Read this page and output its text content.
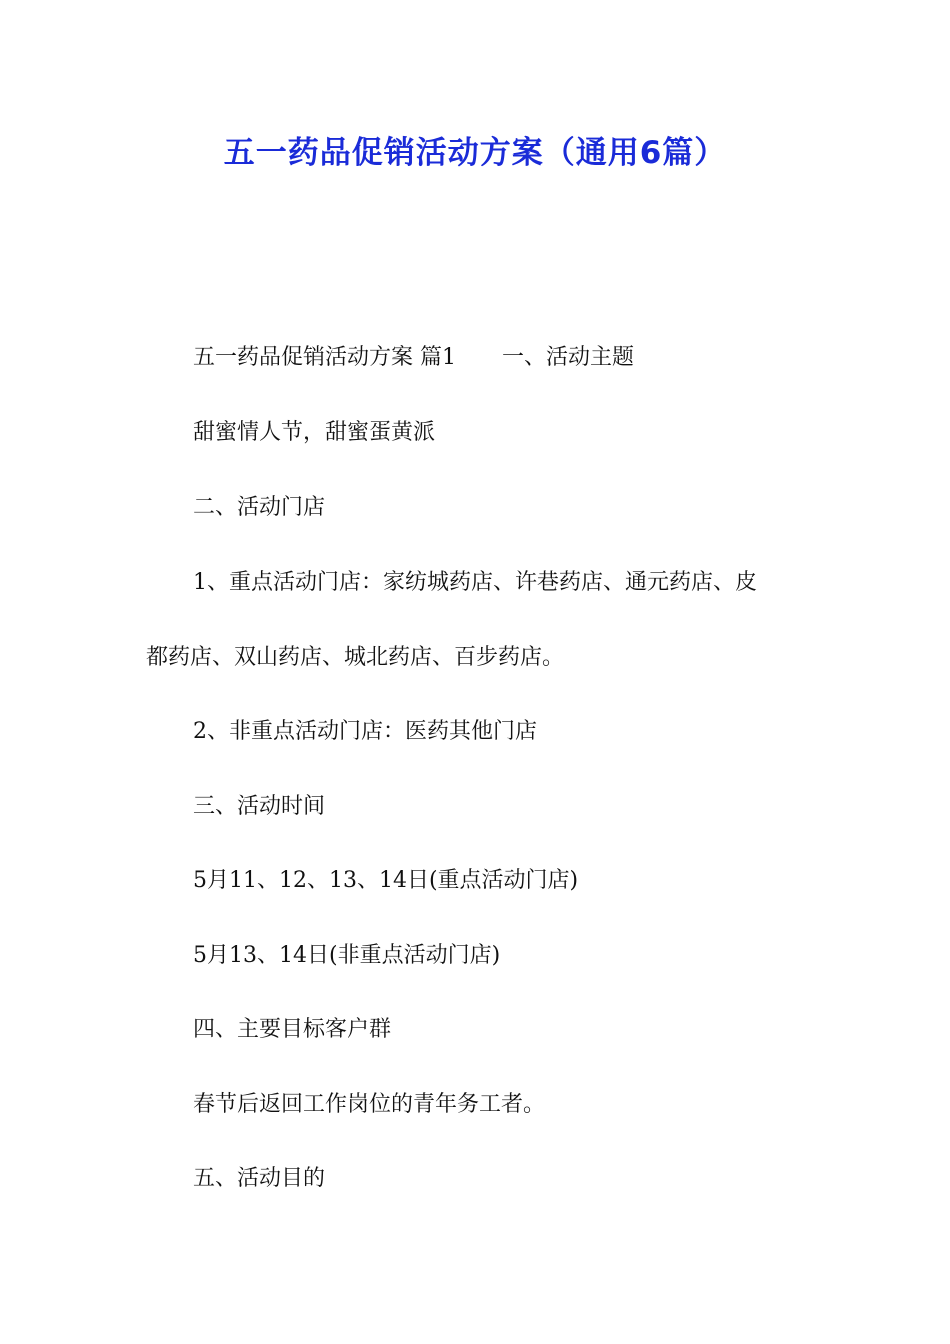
五一药品促销活动方案（通用6篇）

五一药品促销活动方案 篇1 一、活动主题

甜蜜情人节，甜蜜蛋黄派

二、活动门店

1、重点活动门店：家纺城药店、许巷药店、通元药店、皮

都药店、双山药店、城北药店、百步药店。

2、非重点活动门店：医药其他门店

三、活动时间

5月11、12、13、14日(重点活动门店)

5月13、14日(非重点活动门店)

四、主要目标客户群

春节后返回工作岗位的青年务工者。

五、活动目的
